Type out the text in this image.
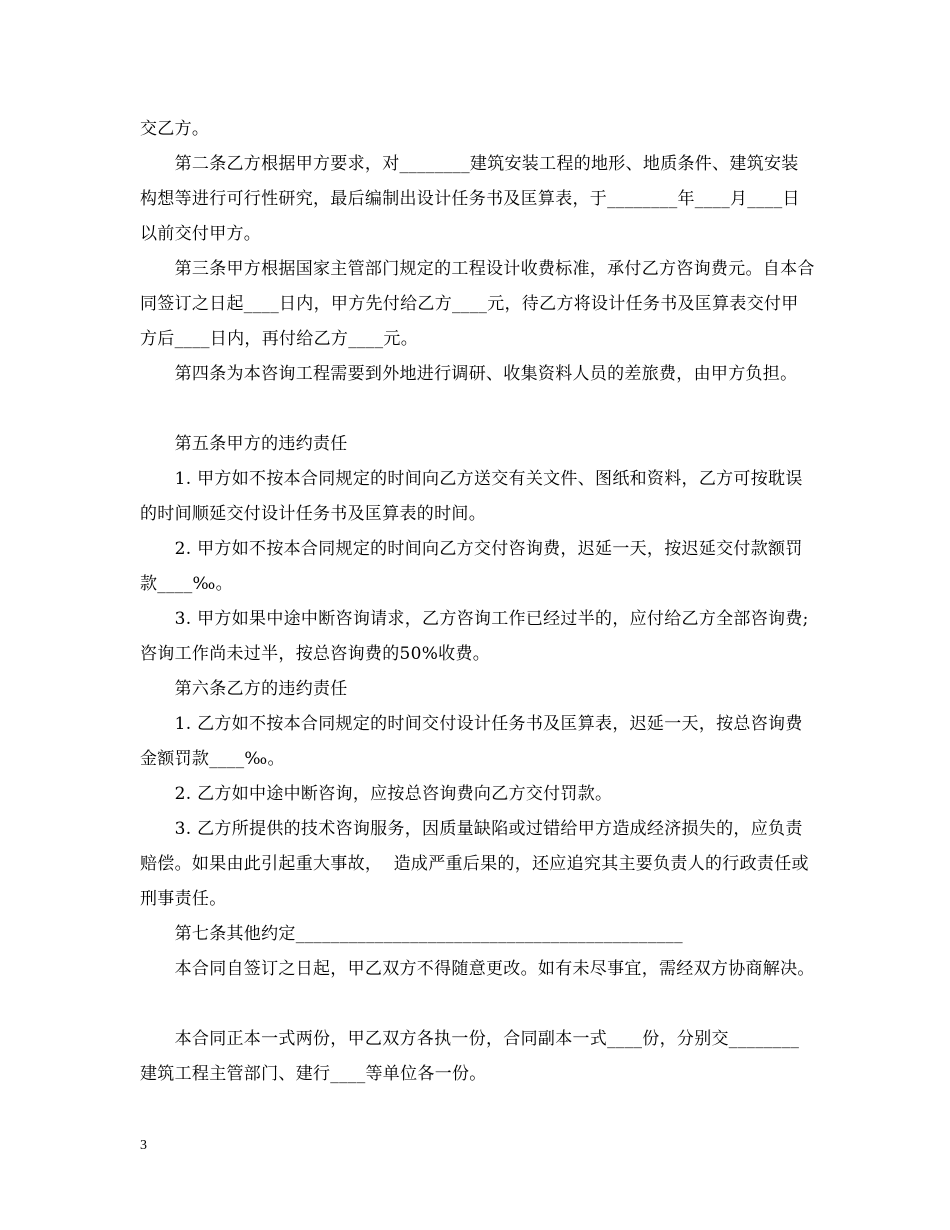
交乙方。

　　第二条乙方根据甲方要求，对________建筑安装工程的地形、地质条件、建筑安装构想等进行可行性研究，最后编制出设计任务书及匡算表，于________年____月____日以前交付甲方。

　　第三条甲方根据国家主管部门规定的工程设计收费标准，承付乙方咨询费元。自本合同签订之日起____日内，甲方先付给乙方____元，待乙方将设计任务书及匡算表交付甲方后____日内，再付给乙方____元。

　　第四条为本咨询工程需要到外地进行调研、收集资料人员的差旅费，由甲方负担。

　　第五条甲方的违约责任

　　1. 甲方如不按本合同规定的时间向乙方送交有关文件、图纸和资料，乙方可按耽误的时间顺延交付设计任务书及匡算表的时间。

　　2. 甲方如不按本合同规定的时间向乙方交付咨询费，迟延一天，按迟延交付款额罚款____‰。

　　3. 甲方如果中途中断咨询请求，乙方咨询工作已经过半的，应付给乙方全部咨询费;咨询工作尚未过半，按总咨询费的50%收费。

　　第六条乙方的违约责任

　　1. 乙方如不按本合同规定的时间交付设计任务书及匡算表，迟延一天，按总咨询费金额罚款____‰。

　　2. 乙方如中途中断咨询，应按总咨询费向乙方交付罚款。

　　3. 乙方所提供的技术咨询服务，因质量缺陷或过错给甲方造成经济损失的，应负责赔偿。如果由此引起重大事故，  造成严重后果的，还应追究其主要负责人的行政责任或刑事责任。

　　第七条其他约定____________________________________________

　　本合同自签订之日起，甲乙双方不得随意更改。如有未尽事宜，需经双方协商解决。

　　本合同正本一式两份，甲乙双方各执一份，合同副本一式____份，分别交________建筑工程主管部门、建行____等单位各一份。

3
